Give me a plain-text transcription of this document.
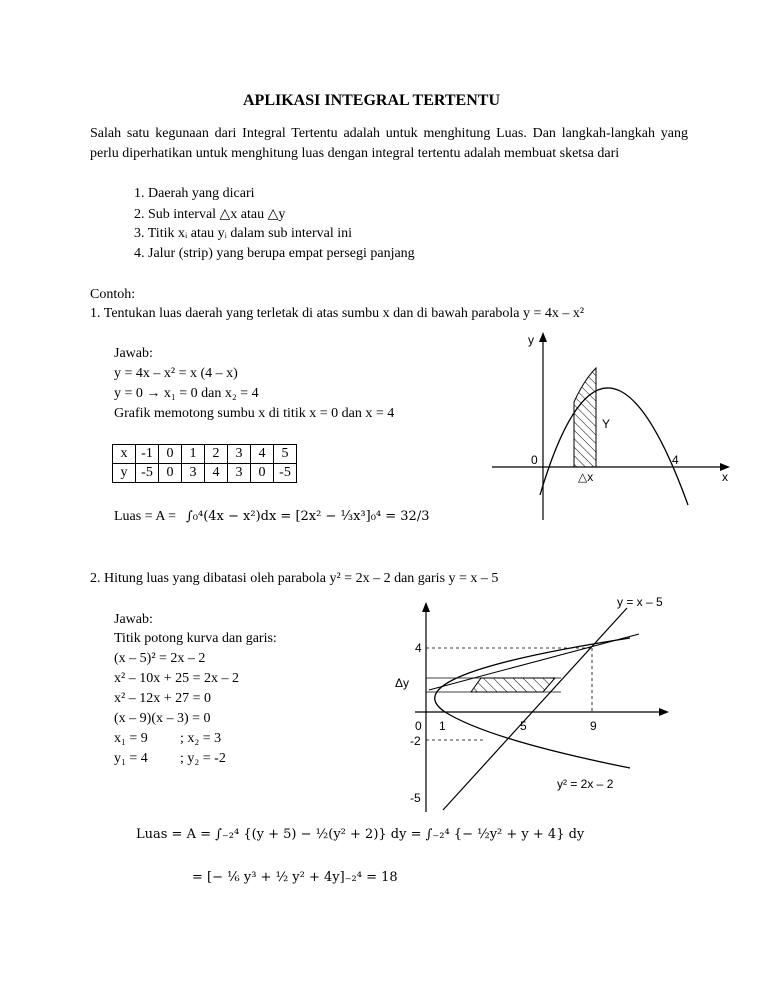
APLIKASI INTEGRAL TERTENTU
Salah satu kegunaan dari Integral Tertentu adalah untuk menghitung Luas. Dan langkah-langkah yang perlu diperhatikan untuk menghitung luas dengan integral tertentu adalah membuat sketsa dari
1. Daerah yang dicari
2. Sub interval △x atau △y
3. Titik xᵢ atau yᵢ dalam sub interval ini
4. Jalur (strip) yang berupa empat persegi panjang
Contoh:
1. Tentukan luas daerah yang terletak di atas sumbu x dan di bawah parabola y = 4x – x²
Jawab:
y = 4x – x² = x (4 – x)
y = 0 → x₁ = 0 dan x₂ = 4
Grafik memotong sumbu x di titik x = 0 dan x = 4
x	-1	0	1	2	3	4	5
y	-5	0	3	4	3	0	-5
Luas = A = ∫₀⁴(4x − x²)dx = [2x² − ⅓x³]₀⁴ = 32/3
y
x
0	4
Y
△x
2. Hitung luas yang dibatasi oleh parabola y² = 2x – 2 dan garis y = x – 5
Jawab:
Titik potong kurva dan garis:
(x – 5)² = 2x – 2
x² – 10x + 25 = 2x – 2
x² – 12x + 27 = 0
(x – 9)(x – 3) = 0
x₁ = 9 ; x₂ = 3
y₁ = 4 ; y₂ = -2
4
-2
-5
0 1	5	9
Δy
y = x – 5
y² = 2x – 2
Luas = A = ∫₋₂⁴ {(y + 5) − ½(y² + 2)} dy = ∫₋₂⁴ {− ½y² + y + 4} dy
= [− ⅙ y³ + ½ y² + 4y]₋₂⁴ = 18
